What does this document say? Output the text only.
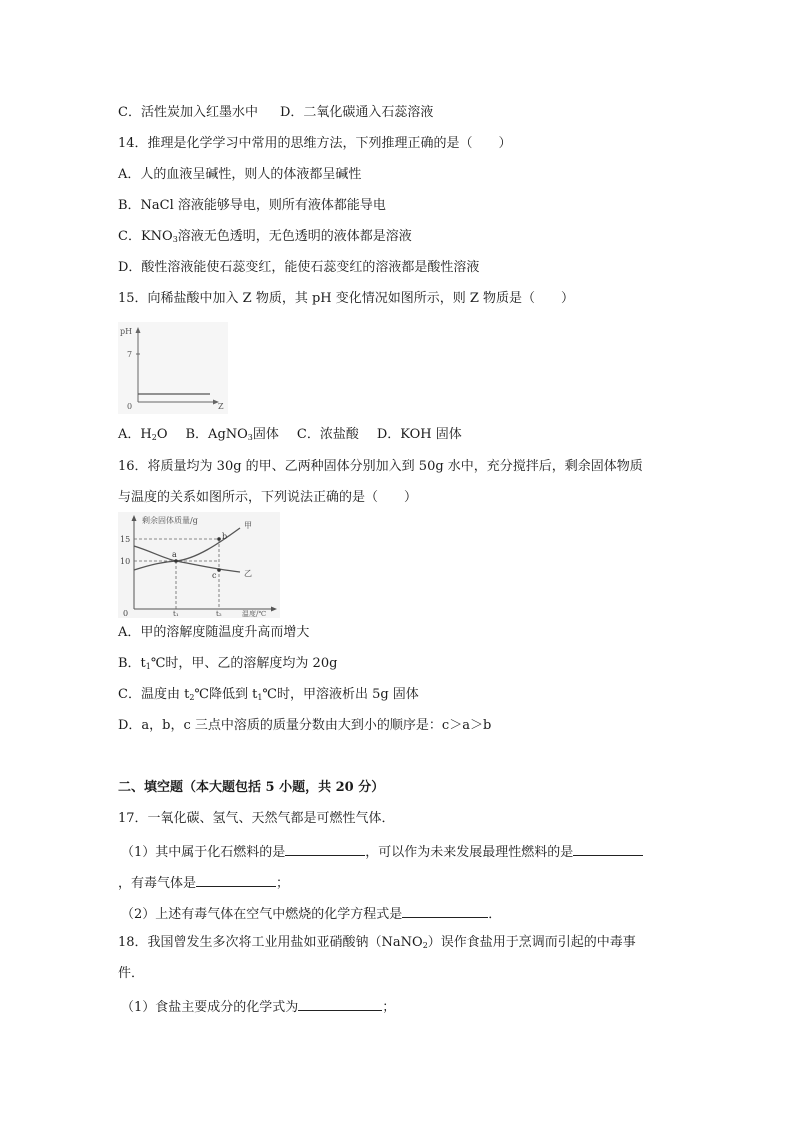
C．活性炭加入红墨水中 D．二氧化碳通入石蕊溶液
14．推理是化学学习中常用的思维方法，下列推理正确的是（　　）
A．人的血液呈碱性，则人的体液都呈碱性
B．NaCl 溶液能够导电，则所有液体都能导电
C．$KNO_3$溶液无色透明，无色透明的液体都是溶液
D．酸性溶液能使石蕊变红，能使石蕊变红的溶液都是酸性溶液
15．向稀盐酸中加入 Z 物质，其 pH 变化情况如图所示，则 Z 物质是（　　）
pH
7
0	Z
A．$H_2O$ B．AgNO$_3$固体 C．浓盐酸 D．KOH 固体
16．将质量均为 30g 的甲、乙两种固体分别加入到 50g 水中，充分搅拌后，剩余固体物质
与温度的关系如图所示，下列说法正确的是（　　）
剩余固体质量/g
15
10
0	t₁	t₂	温度/℃
a
b
c
甲
乙
A．甲的溶解度随温度升高而增大
B．$t_1℃$时，甲、乙的溶解度均为 20g
C．温度由 $t_2℃$降低到 $t_1℃$时，甲溶液析出 5g 固体
D．a，b，c 三点中溶质的质量分数由大到小的顺序是：c＞a＞b
二、填空题（本大题包括 5 小题，共 20 分）
17．一氧化碳、氢气、天然气都是可燃性气体．
（1）其中属于化石燃料的是	，可以作为未来发展最理性燃料的是
，有毒气体是	；
（2）上述有毒气体在空气中燃烧的化学方程式是	．
18．我国曾发生多次将工业用盐如亚硝酸钠（NaNO$_2$）误作食盐用于烹调而引起的中毒事
件．
（1）食盐主要成分的化学式为	；
